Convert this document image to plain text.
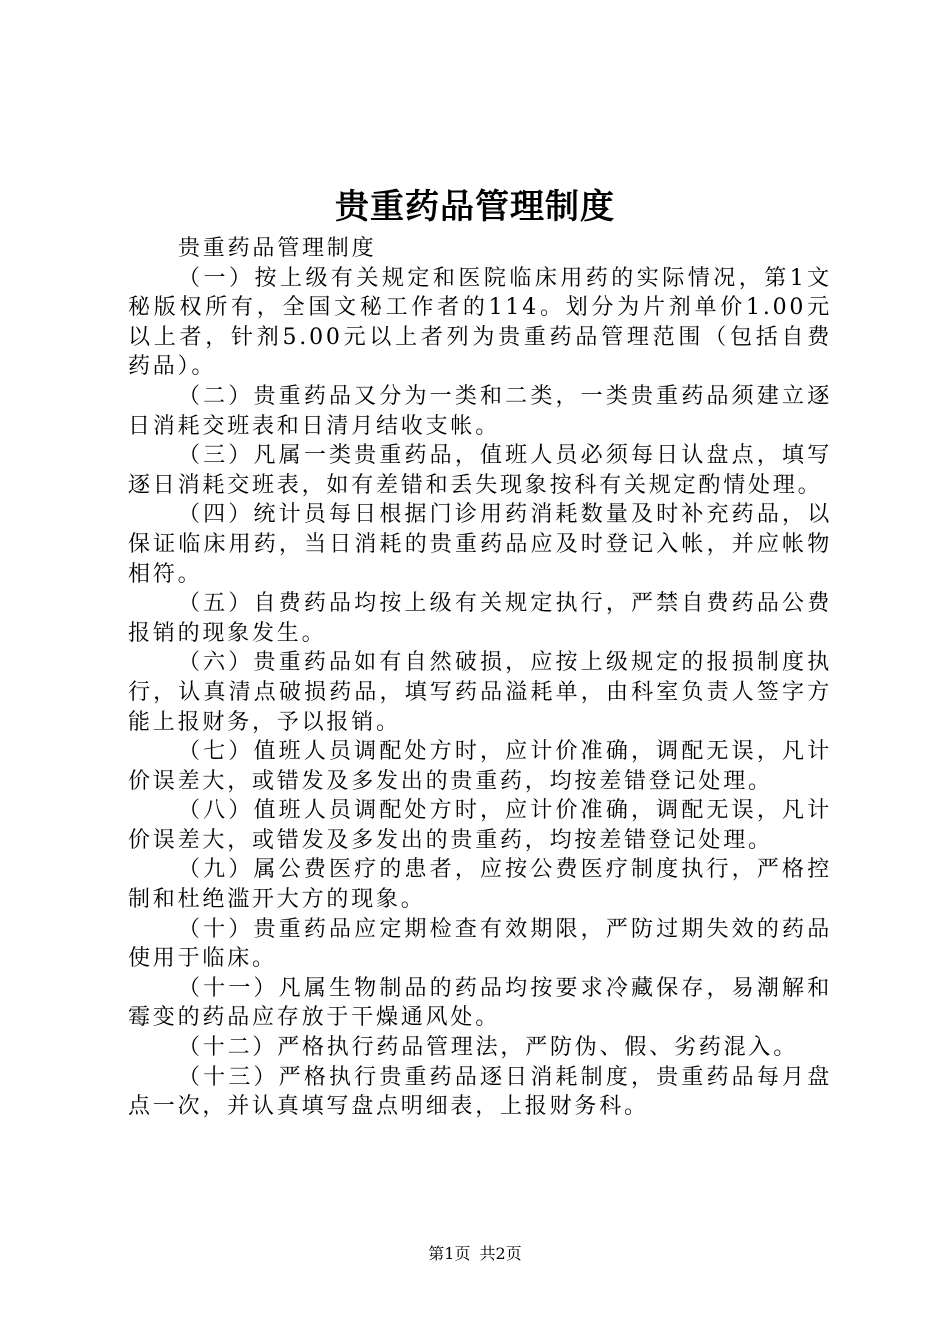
贵重药品管理制度

贵重药品管理制度

（一）按上级有关规定和医院临床用药的实际情况，第1文秘版权所有，全国文秘工作者的114。划分为片剂单价1.00元以上者，针剂5.00元以上者列为贵重药品管理范围（包括自费药品）。

（二）贵重药品又分为一类和二类，一类贵重药品须建立逐日消耗交班表和日清月结收支帐。

（三）凡属一类贵重药品，值班人员必须每日认盘点，填写逐日消耗交班表，如有差错和丢失现象按科有关规定酌情处理。

（四）统计员每日根据门诊用药消耗数量及时补充药品，以保证临床用药，当日消耗的贵重药品应及时登记入帐，并应帐物相符。

（五）自费药品均按上级有关规定执行，严禁自费药品公费报销的现象发生。

（六）贵重药品如有自然破损，应按上级规定的报损制度执行，认真清点破损药品，填写药品溢耗单，由科室负责人签字方能上报财务，予以报销。

（七）值班人员调配处方时，应计价准确，调配无误，凡计价误差大，或错发及多发出的贵重药，均按差错登记处理。

（八）值班人员调配处方时，应计价准确，调配无误，凡计价误差大，或错发及多发出的贵重药，均按差错登记处理。

（九）属公费医疗的患者，应按公费医疗制度执行，严格控制和杜绝滥开大方的现象。

（十）贵重药品应定期检查有效期限，严防过期失效的药品使用于临床。

（十一）凡属生物制品的药品均按要求冷藏保存，易潮解和霉变的药品应存放于干燥通风处。

（十二）严格执行药品管理法，严防伪、假、劣药混入。

（十三）严格执行贵重药品逐日消耗制度，贵重药品每月盘点一次，并认真填写盘点明细表，上报财务科。

第1页 共2页
